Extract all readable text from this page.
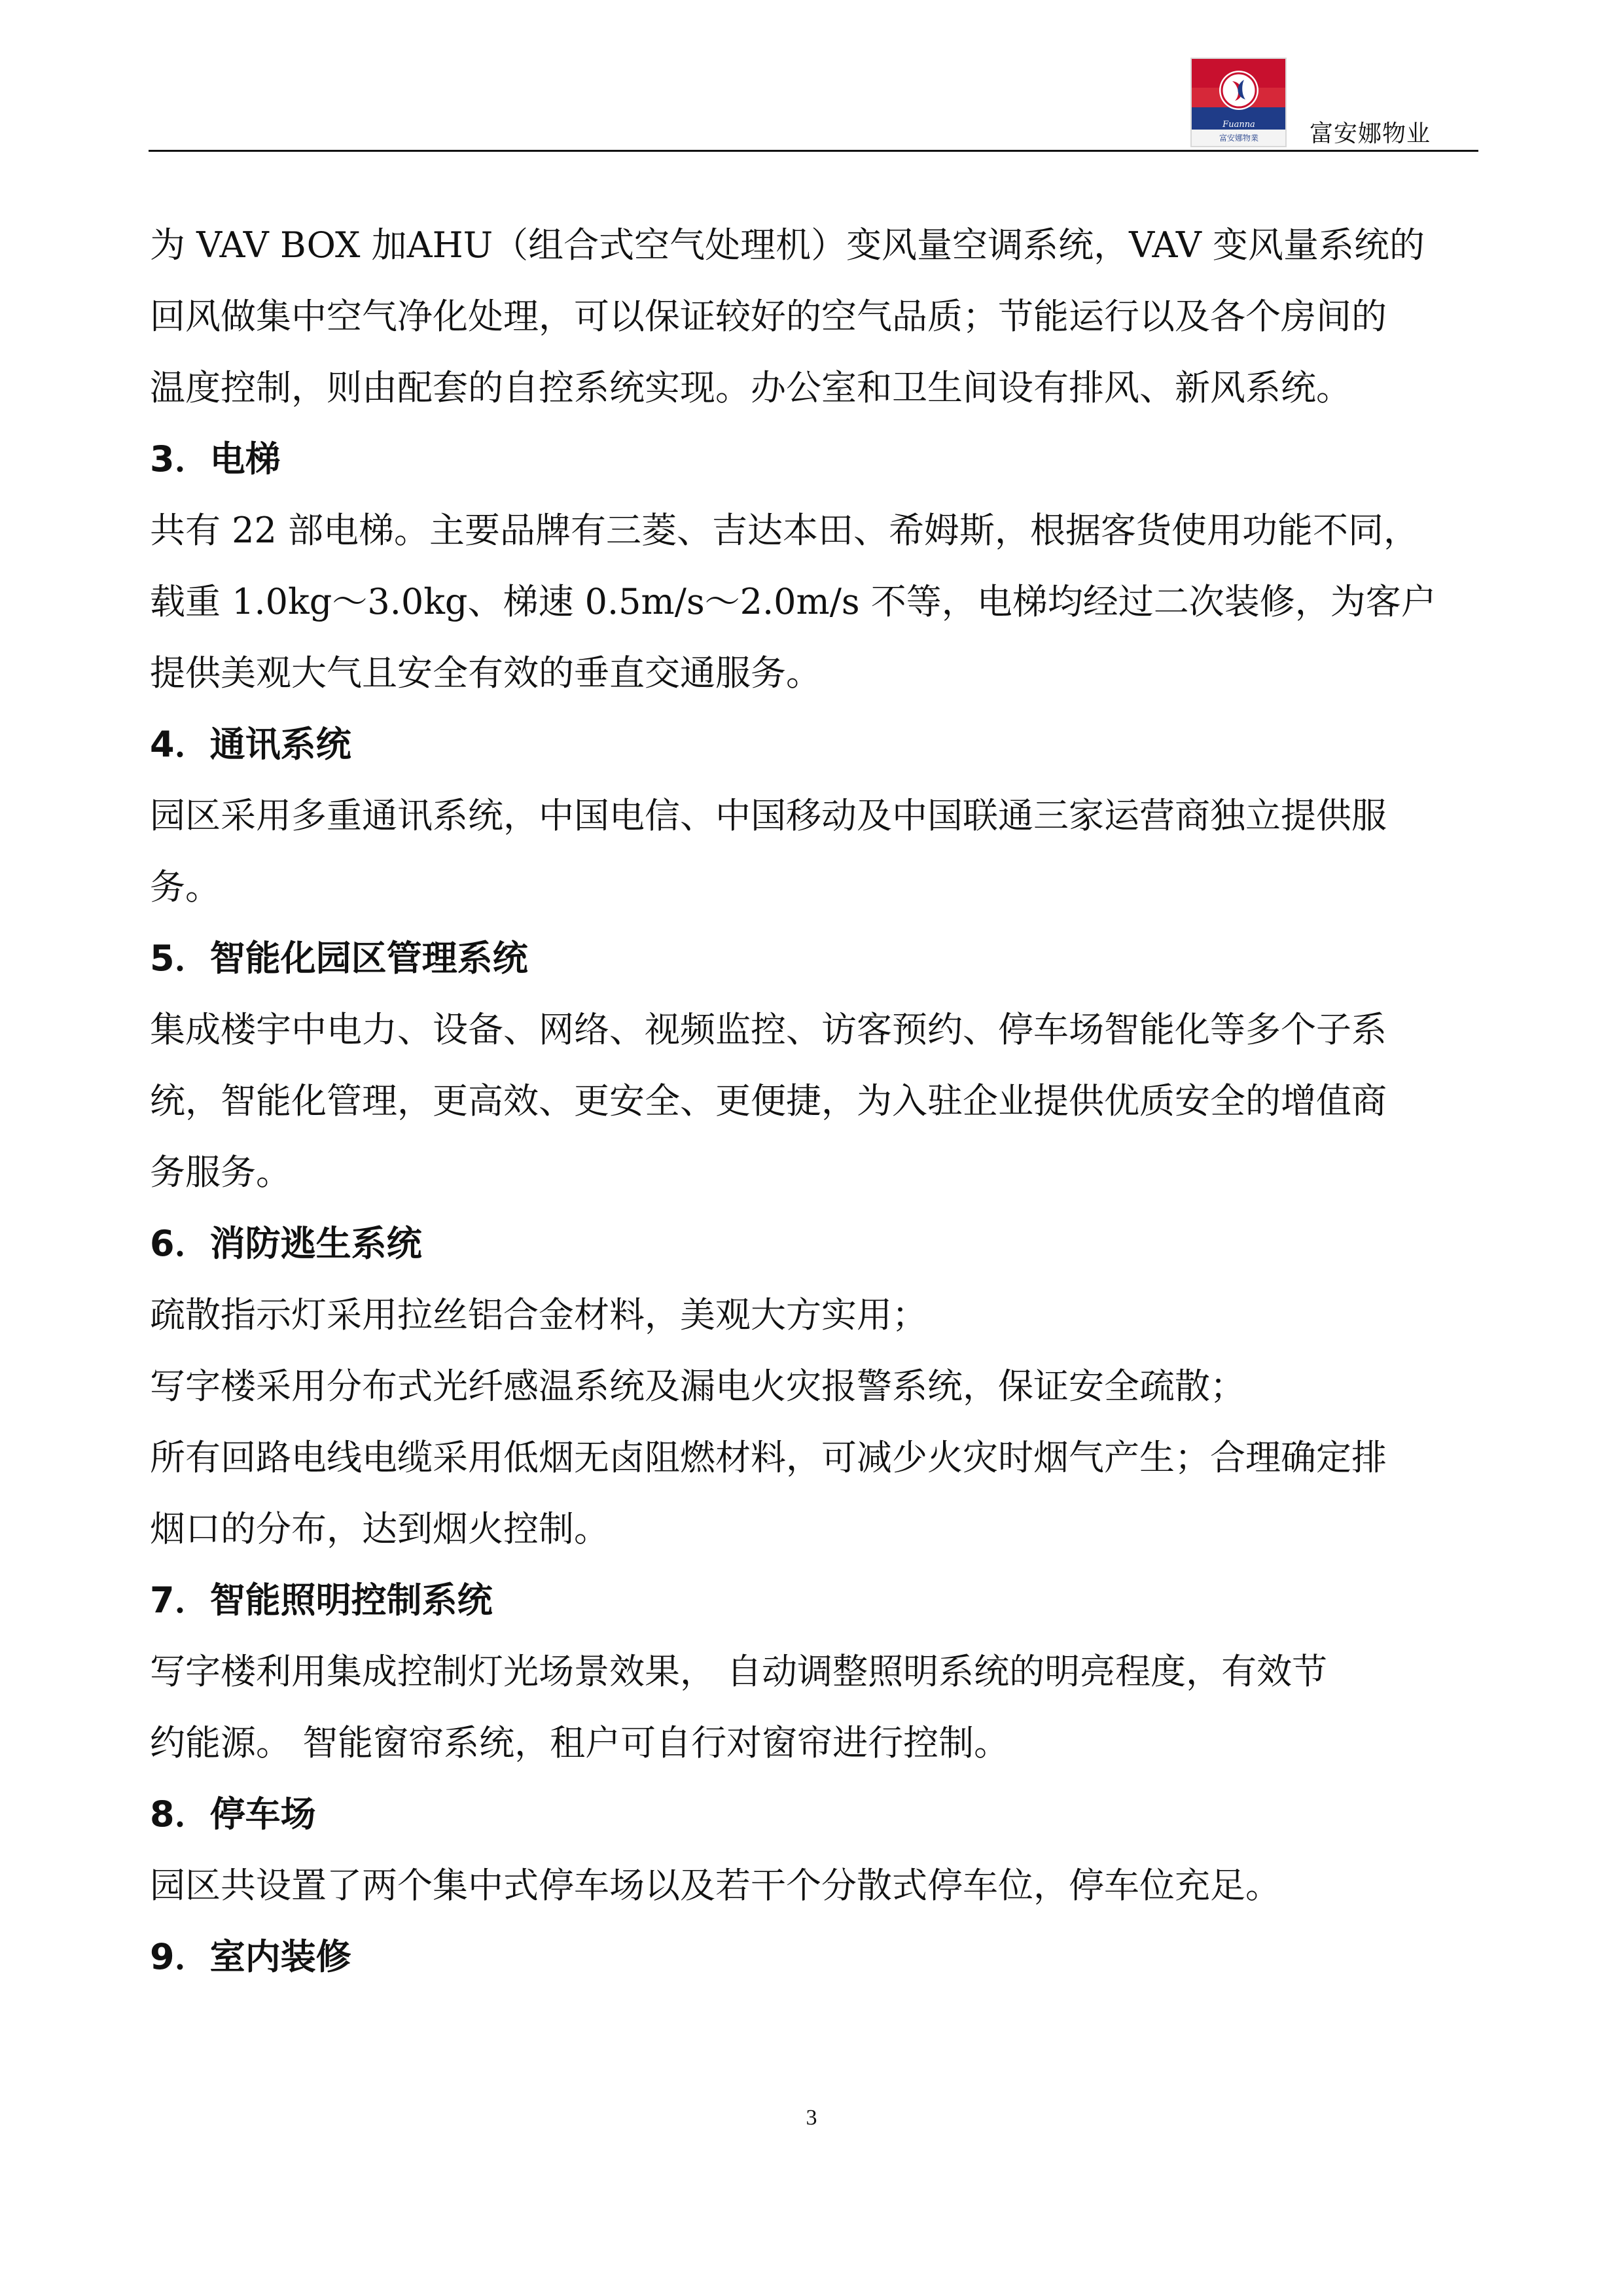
Fuanna
富安娜物業 富安娜物业

为 VAV BOX 加AHU（组合式空气处理机）变风量空调系统，VAV 变风量系统的

回风做集中空气净化处理，可以保证较好的空气品质；节能运行以及各个房间的

温度控制，则由配套的自控系统实现。办公室和卫生间设有排风、新风系统。

3．电梯

共有 22 部电梯。主要品牌有三菱、吉达本田、希姆斯，根据客货使用功能不同，

载重 1.0kg～3.0kg、梯速 0.5m/s～2.0m/s 不等，电梯均经过二次装修，为客户

提供美观大气且安全有效的垂直交通服务。

4．通讯系统

园区采用多重通讯系统，中国电信、中国移动及中国联通三家运营商独立提供服

务。

5．智能化园区管理系统

集成楼宇中电力、设备、网络、视频监控、访客预约、停车场智能化等多个子系

统，智能化管理，更高效、更安全、更便捷，为入驻企业提供优质安全的增值商

务服务。

6．消防逃生系统

疏散指示灯采用拉丝铝合金材料，美观大方实用；

写字楼采用分布式光纤感温系统及漏电火灾报警系统，保证安全疏散；

所有回路电线电缆采用低烟无卤阻燃材料，可减少火灾时烟气产生；合理确定排

烟口的分布，达到烟火控制。

7．智能照明控制系统

写字楼利用集成控制灯光场景效果， 自动调整照明系统的明亮程度，有效节

约能源。 智能窗帘系统，租户可自行对窗帘进行控制。

8．停车场

园区共设置了两个集中式停车场以及若干个分散式停车位，停车位充足。

9．室内装修

3
